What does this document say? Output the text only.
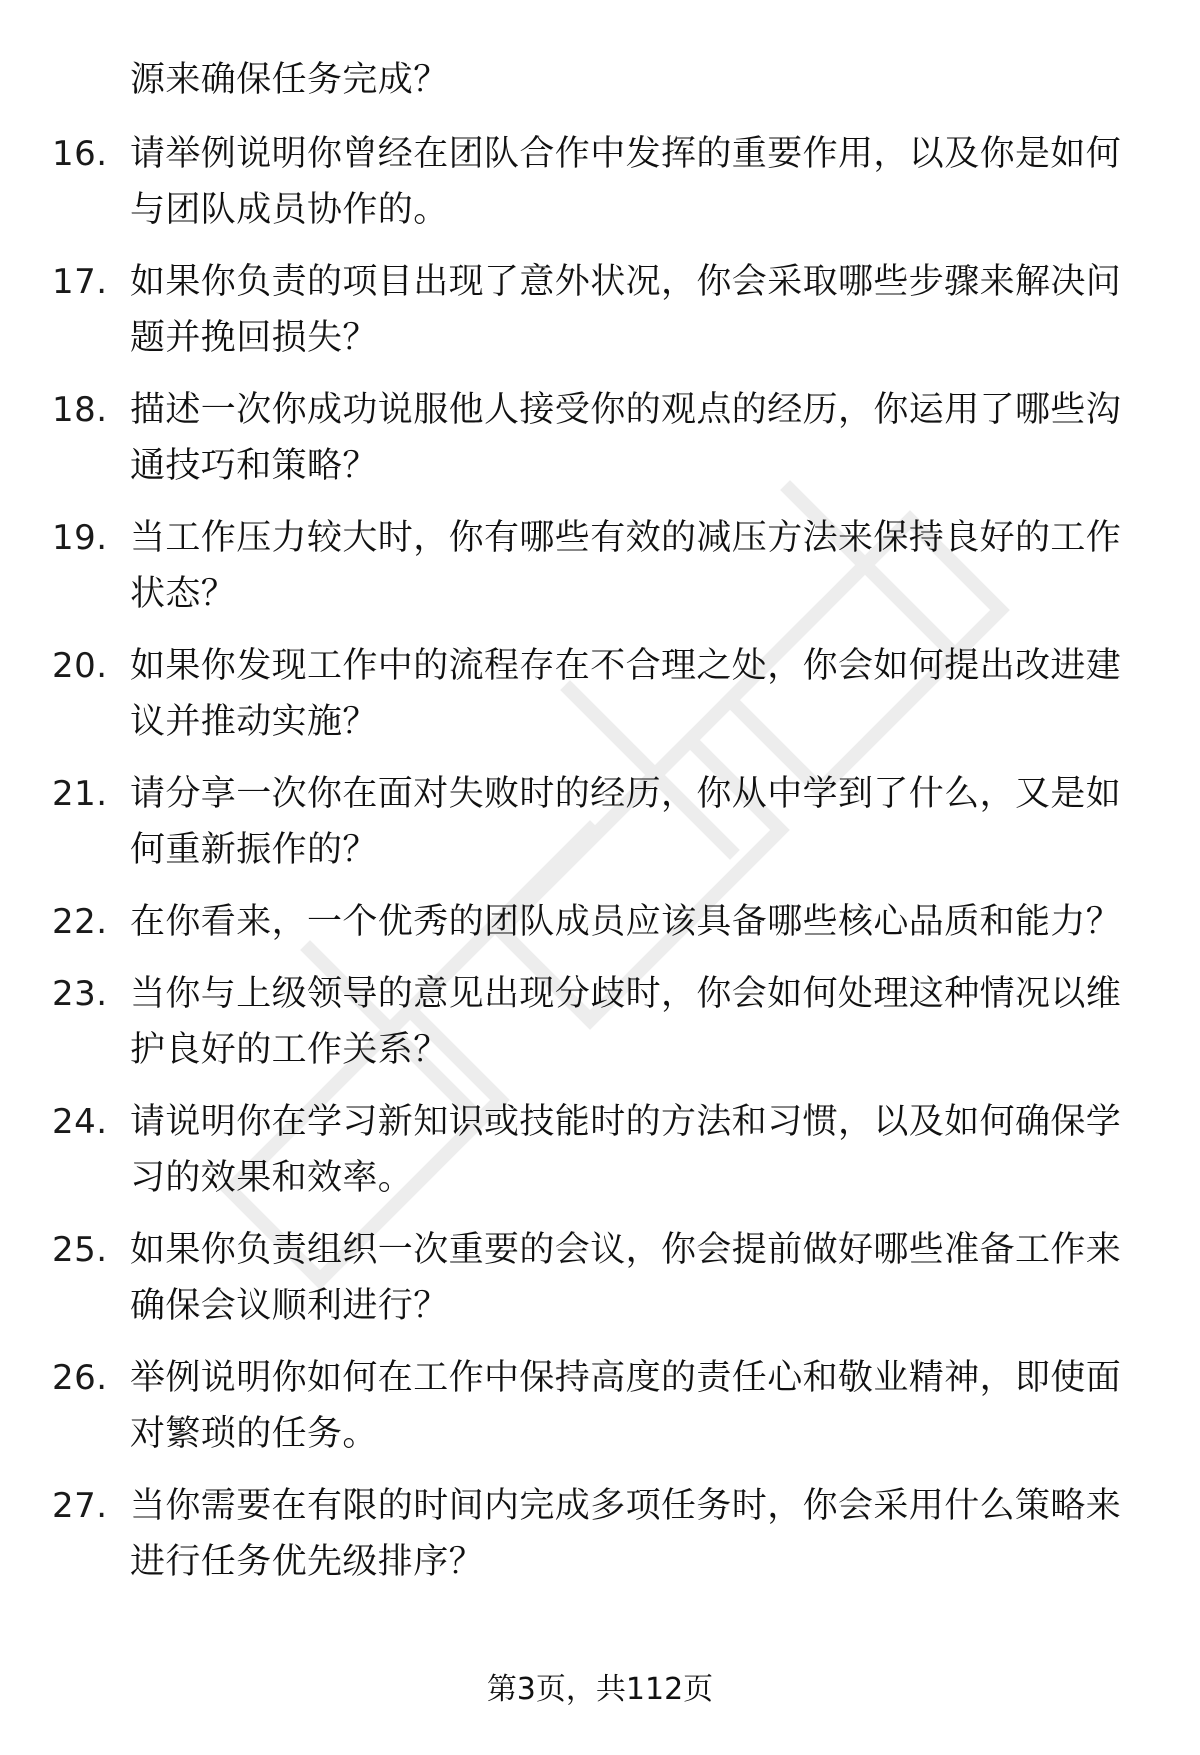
源来确保任务完成？
16. 请举例说明你曾经在团队合作中发挥的重要作用，以及你是如何与团队成员协作的。
17. 如果你负责的项目出现了意外状况，你会采取哪些步骤来解决问题并挽回损失？
18. 描述一次你成功说服他人接受你的观点的经历，你运用了哪些沟通技巧和策略？
19. 当工作压力较大时，你有哪些有效的减压方法来保持良好的工作状态？
20. 如果你发现工作中的流程存在不合理之处，你会如何提出改进建议并推动实施？
21. 请分享一次你在面对失败时的经历，你从中学到了什么，又是如何重新振作的？
22. 在你看来，一个优秀的团队成员应该具备哪些核心品质和能力？
23. 当你与上级领导的意见出现分歧时，你会如何处理这种情况以维护良好的工作关系？
24. 请说明你在学习新知识或技能时的方法和习惯，以及如何确保学习的效果和效率。
25. 如果你负责组织一次重要的会议，你会提前做好哪些准备工作来确保会议顺利进行？
26. 举例说明你如何在工作中保持高度的责任心和敬业精神，即使面对繁琐的任务。
27. 当你需要在有限的时间内完成多项任务时，你会采用什么策略来进行任务优先级排序？
第3页，共112页
